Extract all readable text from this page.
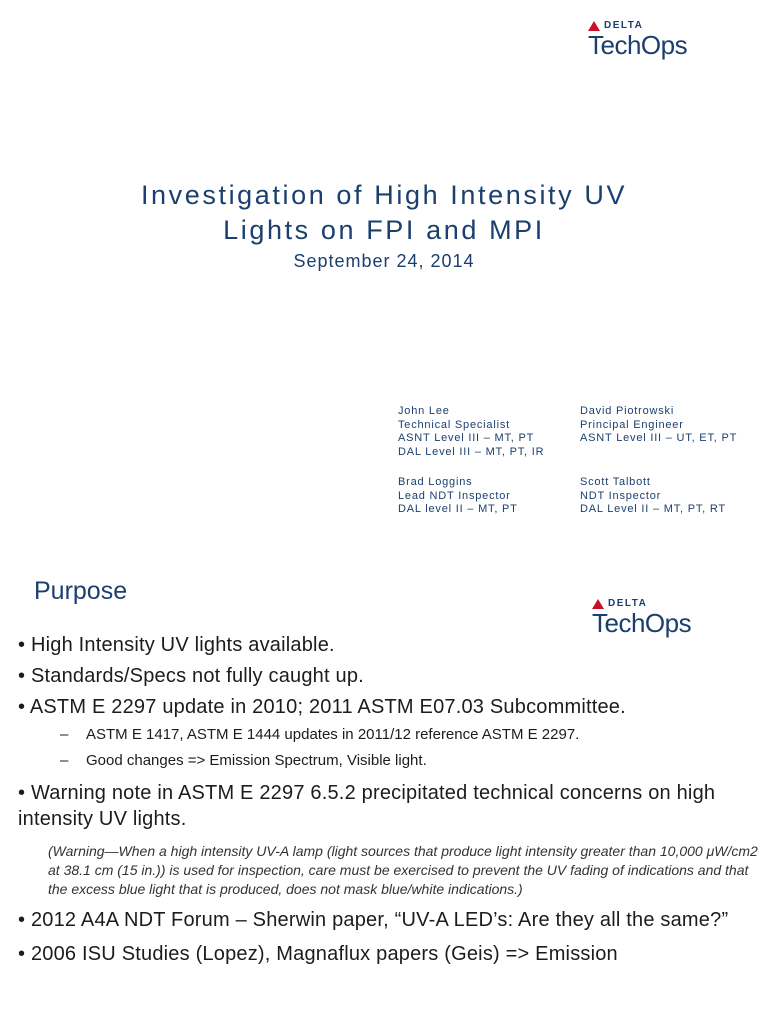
DELTA
TechOps
Investigation of High Intensity UV
Lights on FPI and MPI
September 24, 2014
John Lee
Technical Specialist
ASNT Level III – MT, PT
DAL Level III – MT, PT, IR
David Piotrowski
Principal Engineer
ASNT Level III – UT, ET, PT
Brad Loggins
Lead NDT Inspector
DAL level II – MT, PT
Scott Talbott
NDT Inspector
DAL Level II – MT, PT, RT
Purpose	DELTA
TechOps

• High Intensity UV lights available.

• Standards/Specs not fully caught up.

• ASTM E 2297 update in 2010; 2011 ASTM E07.03 Subcommittee.

–	ASTM E 1417, ASTM E 1444 updates in 2011/12 reference ASTM E 2297.
–	Good changes => Emission Spectrum, Visible light.

• Warning note in ASTM E 2297 6.5.2 precipitated technical concerns on high intensity UV lights.

(Warning—When a high intensity UV-A lamp (light sources that produce light intensity greater than 10,000 μW/cm2 at 38.1 cm (15 in.)) is used for inspection, care must be exercised to prevent the UV fading of indications and that the excess blue light that is produced, does not mask blue/white indications.)

• 2012 A4A NDT Forum – Sherwin paper, “UV-A LED’s: Are they all the same?”

• 2006 ISU Studies (Lopez), Magnaflux papers (Geis) => Emission
